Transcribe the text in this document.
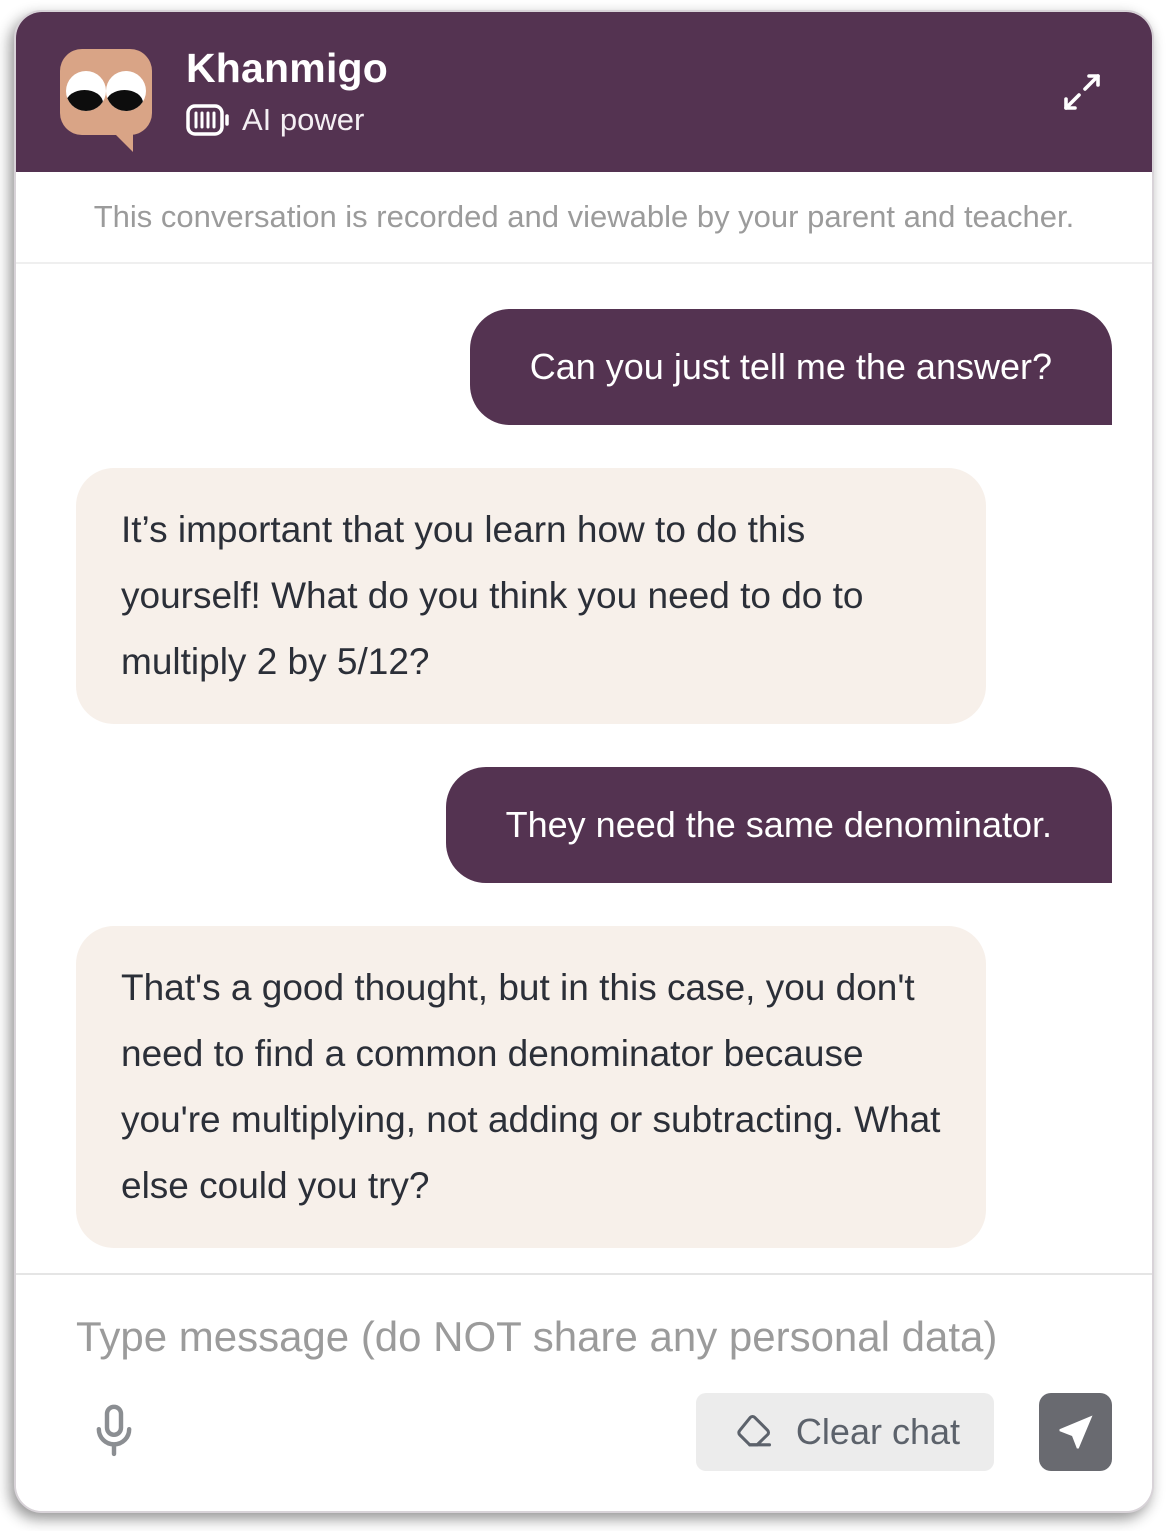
Khanmigo
AI power
This conversation is recorded and viewable by your parent and teacher.
Can you just tell me the answer?
It’s important that you learn how to do this yourself! What do you think you need to do to multiply 2 by 5/12?
They need the same denominator.
That's a good thought, but in this case, you don't need to find a common denominator because you're multiplying, not adding or subtracting. What else could you try?
Type message (do NOT share any personal data)
Clear chat
